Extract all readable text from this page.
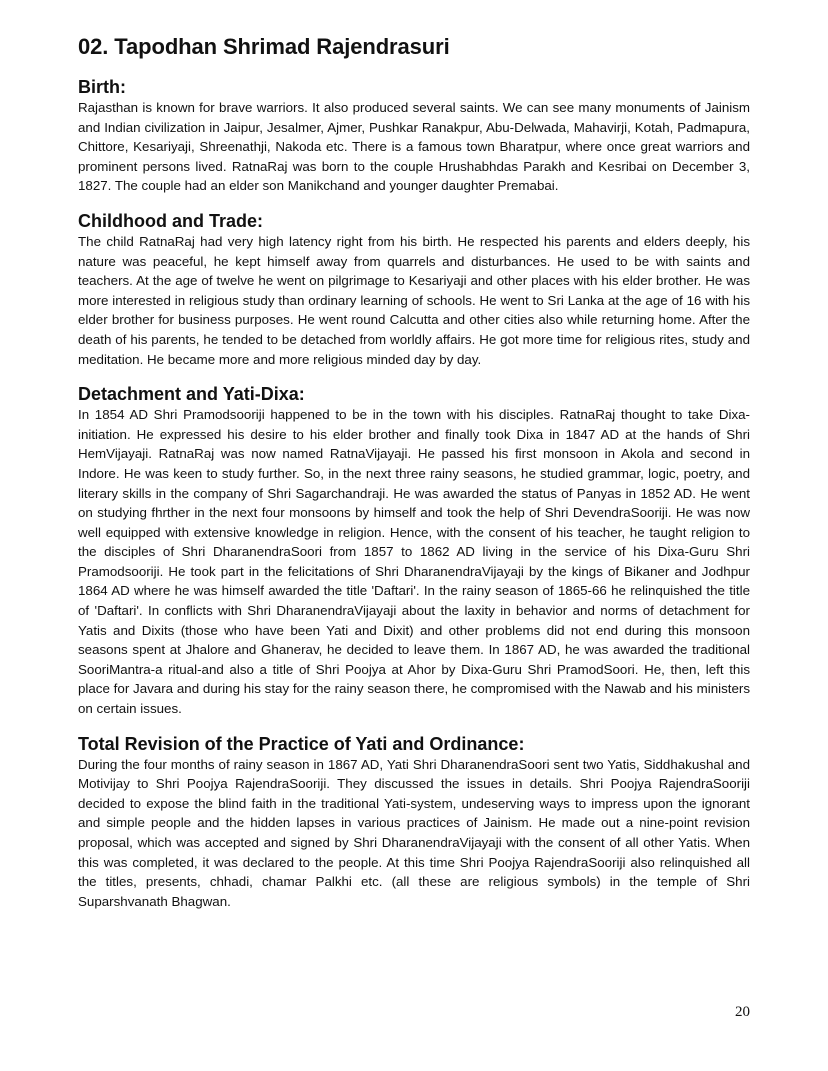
02. Tapodhan Shrimad Rajendrasuri
Birth:

Rajasthan is known for brave warriors. It also produced several saints. We can see many monuments of Jainism and Indian civilization in Jaipur, Jesalmer, Ajmer, Pushkar Ranakpur, Abu-Delwada, Mahavirji, Kotah, Padmapura, Chittore, Kesariyaji, Shreenathji, Nakoda etc. There is a famous town Bharatpur, where once great warriors and prominent persons lived. RatnaRaj was born to the couple Hrushabhdas Parakh and Kesribai on December 3, 1827. The couple had an elder son Manikchand and younger daughter Premabai.

Childhood and Trade:

The child RatnaRaj had very high latency right from his birth. He respected his parents and elders deeply, his nature was peaceful, he kept himself away from quarrels and disturbances. He used to be with saints and teachers. At the age of twelve he went on pilgrimage to Kesariyaji and other places with his elder brother. He was more interested in religious study than ordinary learning of schools. He went to Sri Lanka at the age of 16 with his elder brother for business purposes. He went round Calcutta and other cities also while returning home. After the death of his parents, he tended to be detached from worldly affairs. He got more time for religious rites, study and meditation. He became more and more religious minded day by day.

Detachment and Yati-Dixa:

In 1854 AD Shri Pramodsooriji happened to be in the town with his disciples. RatnaRaj thought to take Dixa-initiation. He expressed his desire to his elder brother and finally took Dixa in 1847 AD at the hands of Shri HemVijayaji. RatnaRaj was now named RatnaVijayaji. He passed his first monsoon in Akola and second in Indore. He was keen to study further. So, in the next three rainy seasons, he studied grammar, logic, poetry, and literary skills in the company of Shri Sagarchandraji. He was awarded the status of Panyas in 1852 AD. He went on studying fhrther in the next four monsoons by himself and took the help of Shri DevendraSooriji. He was now well equipped with extensive knowledge in religion. Hence, with the consent of his teacher, he taught religion to the disciples of Shri DharanendraSoori from 1857 to 1862 AD living in the service of his Dixa-Guru Shri Pramodsooriji. He took part in the felicitations of Shri DharanendraVijayaji by the kings of Bikaner and Jodhpur 1864 AD where he was himself awarded the title 'Daftari'. In the rainy season of 1865-66 he relinquished the title of 'Daftari'. In conflicts with Shri DharanendraVijayaji about the laxity in behavior and norms of detachment for Yatis and Dixits (those who have been Yati and Dixit) and other problems did not end during this monsoon seasons spent at Jhalore and Ghanerav, he decided to leave them. In 1867 AD, he was awarded the traditional SooriMantra-a ritual-and also a title of Shri Poojya at Ahor by Dixa-Guru Shri PramodSoori. He, then, left this place for Javara and during his stay for the rainy season there, he compromised with the Nawab and his ministers on certain issues.

Total Revision of the Practice of Yati and Ordinance:

During the four months of rainy season in 1867 AD, Yati Shri DharanendraSoori sent two Yatis, Siddhakushal and Motivijay to Shri Poojya RajendraSooriji. They discussed the issues in details. Shri Poojya RajendraSooriji decided to expose the blind faith in the traditional Yati-system, undeserving ways to impress upon the ignorant and simple people and the hidden lapses in various practices of Jainism. He made out a nine-point revision proposal, which was accepted and signed by Shri DharanendraVijayaji with the consent of all other Yatis. When this was completed, it was declared to the people. At this time Shri Poojya RajendraSooriji also relinquished all the titles, presents, chhadi, chamar Palkhi etc. (all these are religious symbols) in the temple of Shri Suparshvanath Bhagwan.

20
